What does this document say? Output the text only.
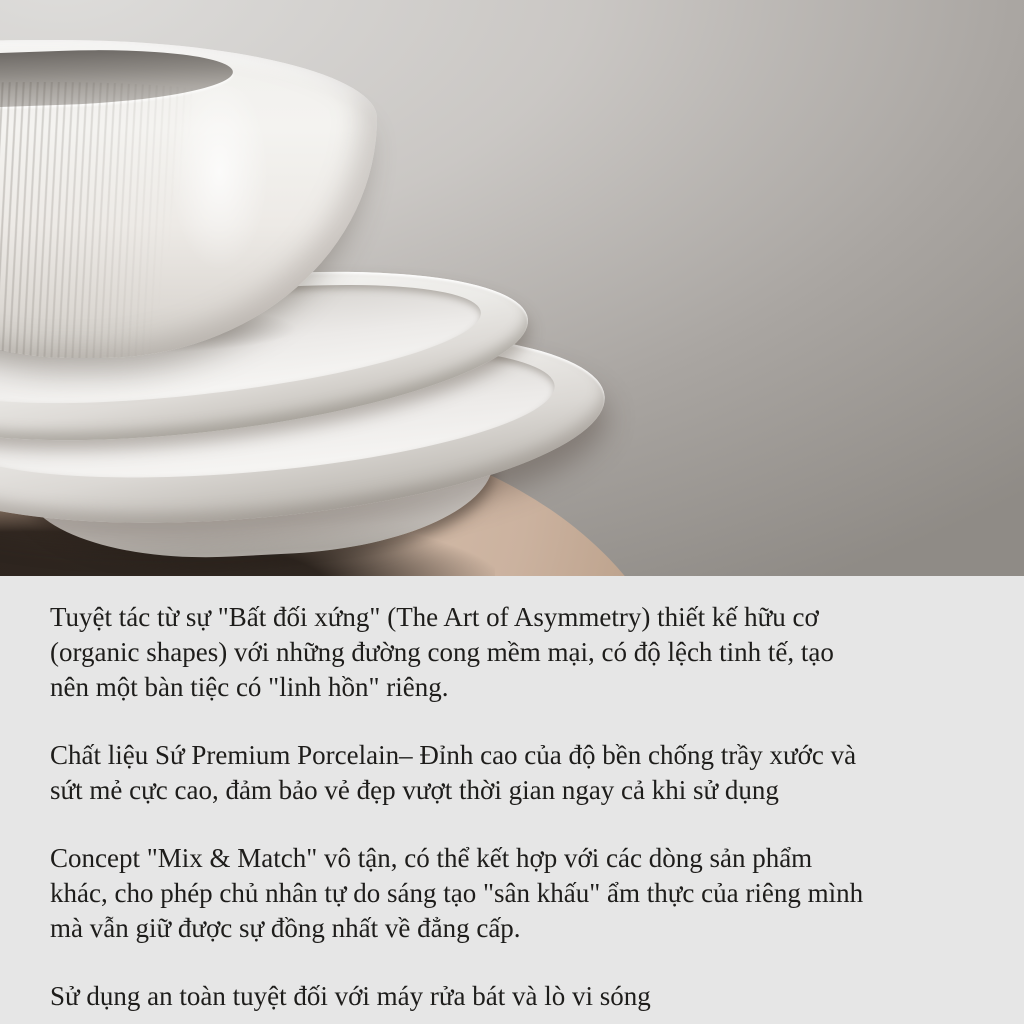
Tuyệt tác từ sự "Bất đối xứng" (The Art of Asymmetry) thiết kế hữu cơ
(organic shapes) với những đường cong mềm mại, có độ lệch tinh tế, tạo
nên một bàn tiệc có "linh hồn" riêng.

Chất liệu Sứ Premium Porcelain– Đỉnh cao của độ bền chống trầy xước và
sứt mẻ cực cao, đảm bảo vẻ đẹp vượt thời gian ngay cả khi sử dụng

Concept "Mix & Match" vô tận, có thể kết hợp với các dòng sản phẩm
khác, cho phép chủ nhân tự do sáng tạo "sân khấu" ẩm thực của riêng mình
mà vẫn giữ được sự đồng nhất về đẳng cấp.

Sử dụng an toàn tuyệt đối với máy rửa bát và lò vi sóng
